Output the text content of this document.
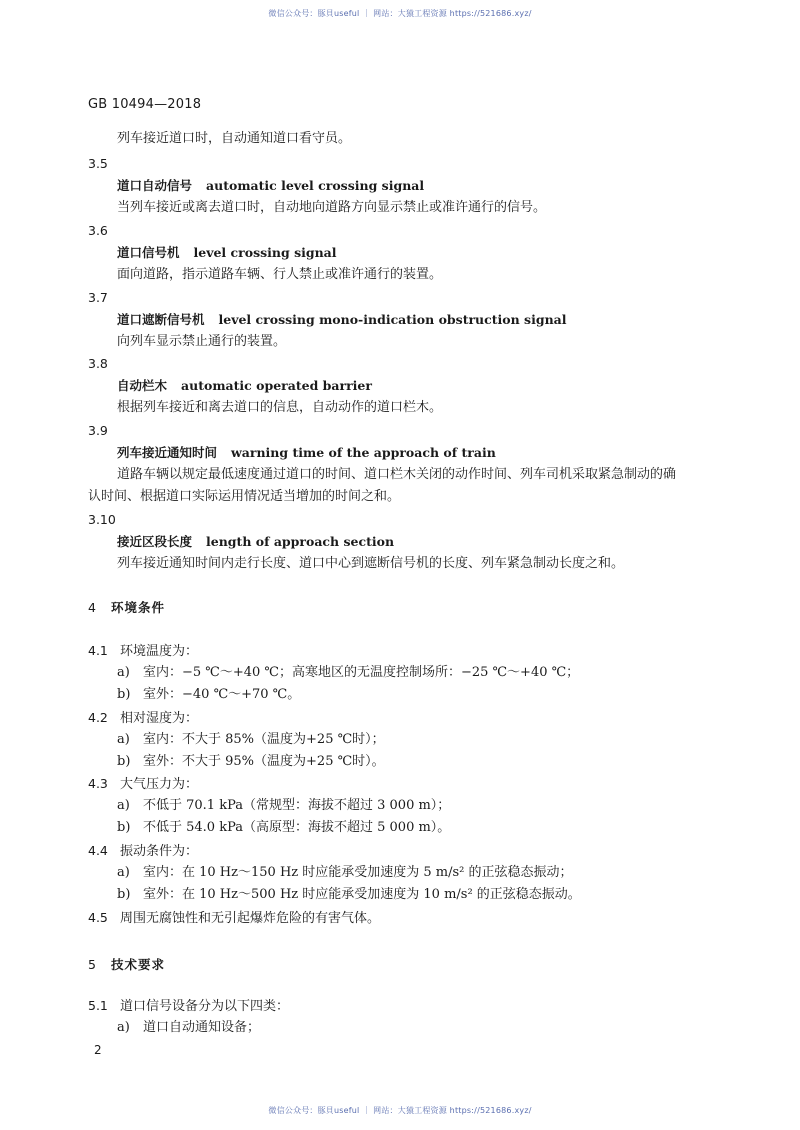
微信公众号：豚貝useful ｜ 网站：大猿工程资源 https://521686.xyz/
GB 10494—2018
列车接近道口时，自动通知道口看守员。
3.5
道口自动信号 automatic level crossing signal
当列车接近或离去道口时，自动地向道路方向显示禁止或准许通行的信号。
3.6
道口信号机 level crossing signal
面向道路，指示道路车辆、行人禁止或准许通行的装置。
3.7
道口遮断信号机 level crossing mono-indication obstruction signal
向列车显示禁止通行的装置。
3.8
自动栏木 automatic operated barrier
根据列车接近和离去道口的信息，自动动作的道口栏木。
3.9
列车接近通知时间 warning time of the approach of train
道路车辆以规定最低速度通过道口的时间、道口栏木关闭的动作时间、列车司机采取紧急制动的确
认时间、根据道口实际运用情况适当增加的时间之和。
3.10
接近区段长度 length of approach section
列车接近通知时间内走行长度、道口中心到遮断信号机的长度、列车紧急制动长度之和。
4 环境条件
4.1 环境温度为：
a) 室内：−5 ℃～+40 ℃；高寒地区的无温度控制场所：−25 ℃～+40 ℃；
b) 室外：−40 ℃～+70 ℃。
4.2 相对湿度为：
a) 室内：不大于 85%（温度为+25 ℃时）；
b) 室外：不大于 95%（温度为+25 ℃时）。
4.3 大气压力为：
a) 不低于 70.1 kPa（常规型：海拔不超过 3 000 m）；
b) 不低于 54.0 kPa（高原型：海拔不超过 5 000 m）。
4.4 振动条件为：
a) 室内：在 10 Hz～150 Hz 时应能承受加速度为 5 m/s² 的正弦稳态振动；
b) 室外：在 10 Hz～500 Hz 时应能承受加速度为 10 m/s² 的正弦稳态振动。
4.5 周围无腐蚀性和无引起爆炸危险的有害气体。
5 技术要求
5.1 道口信号设备分为以下四类：
a) 道口自动通知设备；
2
微信公众号：豚貝useful ｜ 网站：大猿工程资源 https://521686.xyz/
